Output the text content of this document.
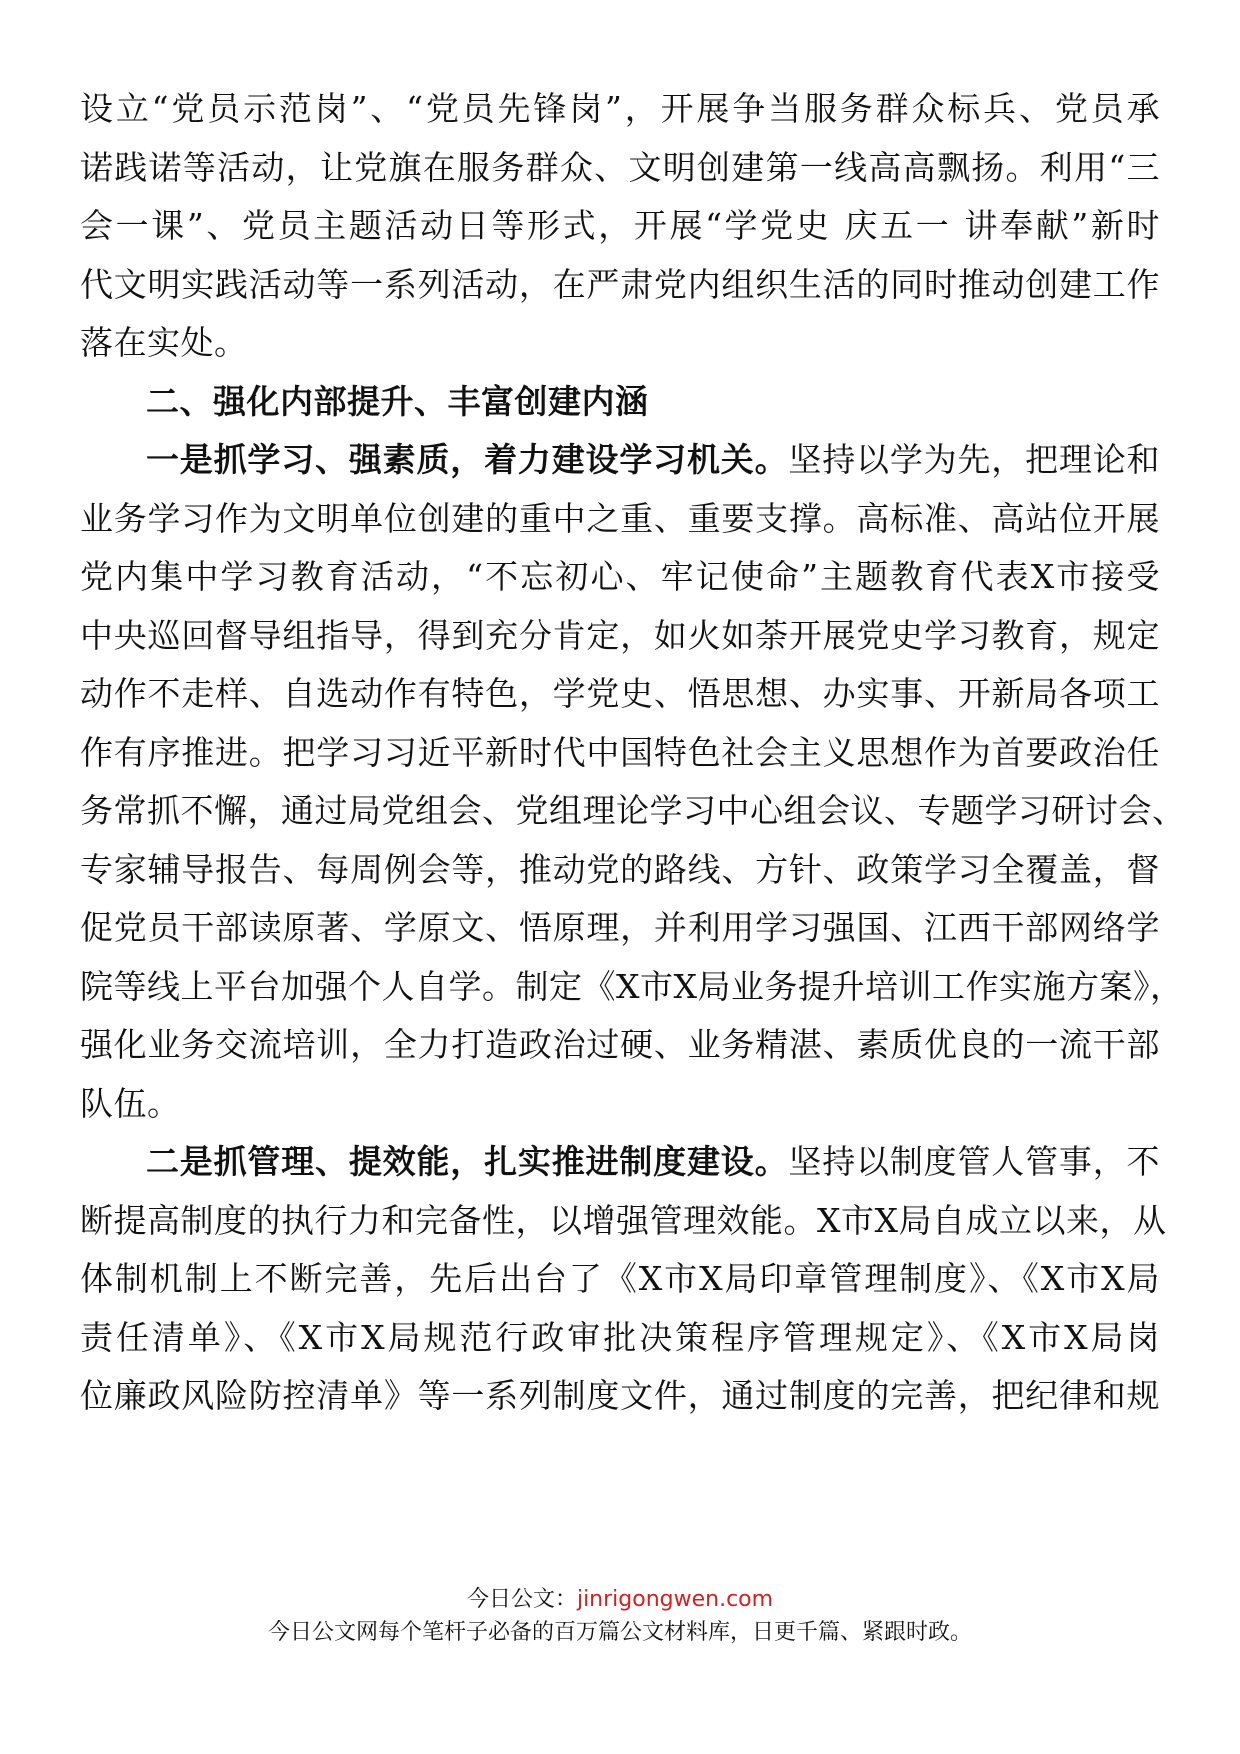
设立“党员示范岗”、“党员先锋岗”，开展争当服务群众标兵、党员承
诺践诺等活动，让党旗在服务群众、文明创建第一线高高飘扬。利用“三
会一课”、党员主题活动日等形式，开展“学党史 庆五一 讲奉献”新时
代文明实践活动等一系列活动，在严肃党内组织生活的同时推动创建工作
落在实处。
二、强化内部提升、丰富创建内涵
一是抓学习、强素质，着力建设学习机关。坚持以学为先，把理论和
业务学习作为文明单位创建的重中之重、重要支撑。高标准、高站位开展
党内集中学习教育活动，“不忘初心、牢记使命”主题教育代表X市接受
中央巡回督导组指导，得到充分肯定，如火如荼开展党史学习教育，规定
动作不走样、自选动作有特色，学党史、悟思想、办实事、开新局各项工
作有序推进。把学习习近平新时代中国特色社会主义思想作为首要政治任
务常抓不懈，通过局党组会、党组理论学习中心组会议、专题学习研讨会、
专家辅导报告、每周例会等，推动党的路线、方针、政策学习全覆盖，督
促党员干部读原著、学原文、悟原理，并利用学习强国、江西干部网络学
院等线上平台加强个人自学。制定《X市X局业务提升培训工作实施方案》，
强化业务交流培训，全力打造政治过硬、业务精湛、素质优良的一流干部
队伍。
二是抓管理、提效能，扎实推进制度建设。坚持以制度管人管事，不
断提高制度的执行力和完备性，以增强管理效能。X市X局自成立以来，从
体制机制上不断完善，先后出台了《X市X局印章管理制度》、《X市X局
责任清单》、《X市X局规范行政审批决策程序管理规定》、《X市X局岗
位廉政风险防控清单》等一系列制度文件，通过制度的完善，把纪律和规
今日公文：jinrigongwen.com
今日公文网每个笔杆子必备的百万篇公文材料库，日更千篇、紧跟时政。
